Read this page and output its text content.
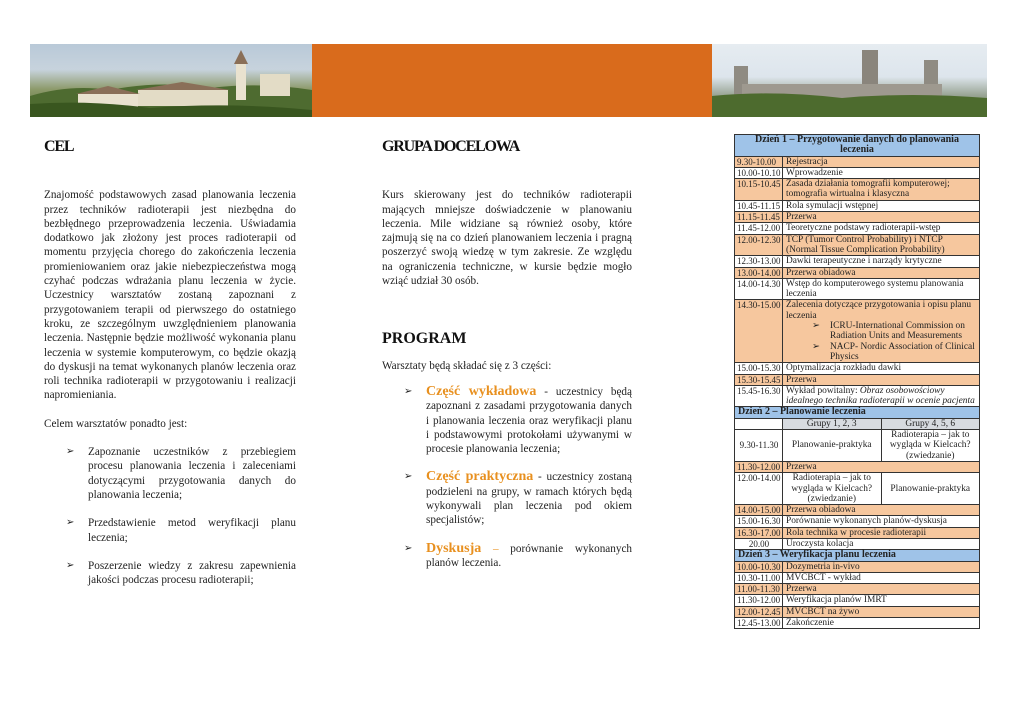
CEL

Znajomość podstawowych zasad planowania leczenia przez techników radioterapii jest niezbędna do bezbłędnego przeprowadzenia leczenia. Uświadamia dodatkowo jak złożony jest proces radioterapii od momentu przyjęcia chorego do zakończenia leczenia promieniowaniem oraz jakie niebezpieczeństwa mogą czyhać podczas wdrażania planu leczenia w życie. Uczestnicy warsztatów zostaną zapoznani z przygotowaniem terapii od pierwszego do ostatniego kroku, ze szczególnym uwzględnieniem planowania leczenia. Następnie będzie możliwość wykonania planu leczenia w systemie komputerowym, co będzie okazją do dyskusji na temat wykonanych planów leczenia oraz roli technika radioterapii w przygotowaniu i realizacji napromieniania.

Celem warsztatów ponadto jest:

➢ Zapoznanie uczestników z przebiegiem procesu planowania leczenia i zaleceniami dotyczącymi przygotowania danych do planowania leczenia;
➢ Przedstawienie metod weryfikacji planu leczenia;
➢ Poszerzenie wiedzy z zakresu zapewnienia jakości podczas procesu radioterapii;
GRUPA DOCELOWA

Kurs skierowany jest do techników radioterapii mających mniejsze doświadczenie w planowaniu leczenia. Mile widziane są również osoby, które zajmują się na co dzień planowaniem leczenia i pragną poszerzyć swoją wiedzę w tym zakresie. Ze względu na ograniczenia techniczne, w kursie będzie mogło wziąć udział 30 osób.

PROGRAM

Warsztaty będą składać się z 3 części:

➢ Część wykładowa - uczestnicy będą zapoznani z zasadami przygotowania danych i planowania leczenia oraz weryfikacji planu i podstawowymi protokołami używanymi w procesie planowania leczenia;
➢ Część praktyczna - uczestnicy zostaną podzieleni na grupy, w ramach których będą wykonywali plan leczenia pod okiem specjalistów;
➢ Dyskusja – porównanie wykonanych planów leczenia.
Dzień 1 – Przygotowanie danych do planowania leczenia		
9.30-10.00	Rejestracja	
10.00-10.10	Wprowadzenie	
10.15-10.45	Zasada działania tomografii komputerowej; tomografia wirtualna i klasyczna	
10.45-11.15	Rola symulacji wstępnej	
11.15-11.45	Przerwa	
11.45-12.00	Teoretyczne podstawy radioterapii-wstęp	
12.00-12.30	TCP (Tumor Control Probability) i NTCP (Normal Tissue Complication Probability)	
12.30-13.00	Dawki terapeutyczne i narządy krytyczne	
13.00-14.00	Przerwa obiadowa	
14.00-14.30	Wstęp do komputerowego systemu planowania leczenia	
14.30-15.00	Zalecenia dotyczące przygotowania i opisu planu leczenia
➢ ICRU-International Commission on Radiation Units and Measurements
➢ NACP- Nordic Association of Clinical Physics	

15.00-15.30	Optymalizacja rozkładu dawki	
15.30-15.45	Przerwa	
15.45-16.30	Wykład powitalny: Obraz osobowościowy idealnego technika radioterapii w ocenie pacjenta	
Dzień 2 – Planowanie leczenia		
	Grupy 1, 2, 3	Grupy 4, 5, 6
9.30-11.30	Planowanie-praktyka	Radioterapia – jak to wygląda w Kielcach? (zwiedzanie)
11.30-12.00	Przerwa	
12.00-14.00	Radioterapia – jak to wygląda w Kielcach? (zwiedzanie)	Planowanie-praktyka
14.00-15.00	Przerwa obiadowa	
15.00-16.30	Porównanie wykonanych planów-dyskusja	
16.30-17.00	Rola technika w procesie radioterapii	
20.00	Uroczysta kolacja	
Dzień 3 – Weryfikacja planu leczenia		
10.00-10.30	Dozymetria in-vivo	
10.30-11.00	MVCBCT - wykład	
11.00-11.30	Przerwa	
11.30-12.00	Weryfikacja planów IMRT	
12.00-12.45	MVCBCT na żywo	
12.45-13.00	Zakończenie	
